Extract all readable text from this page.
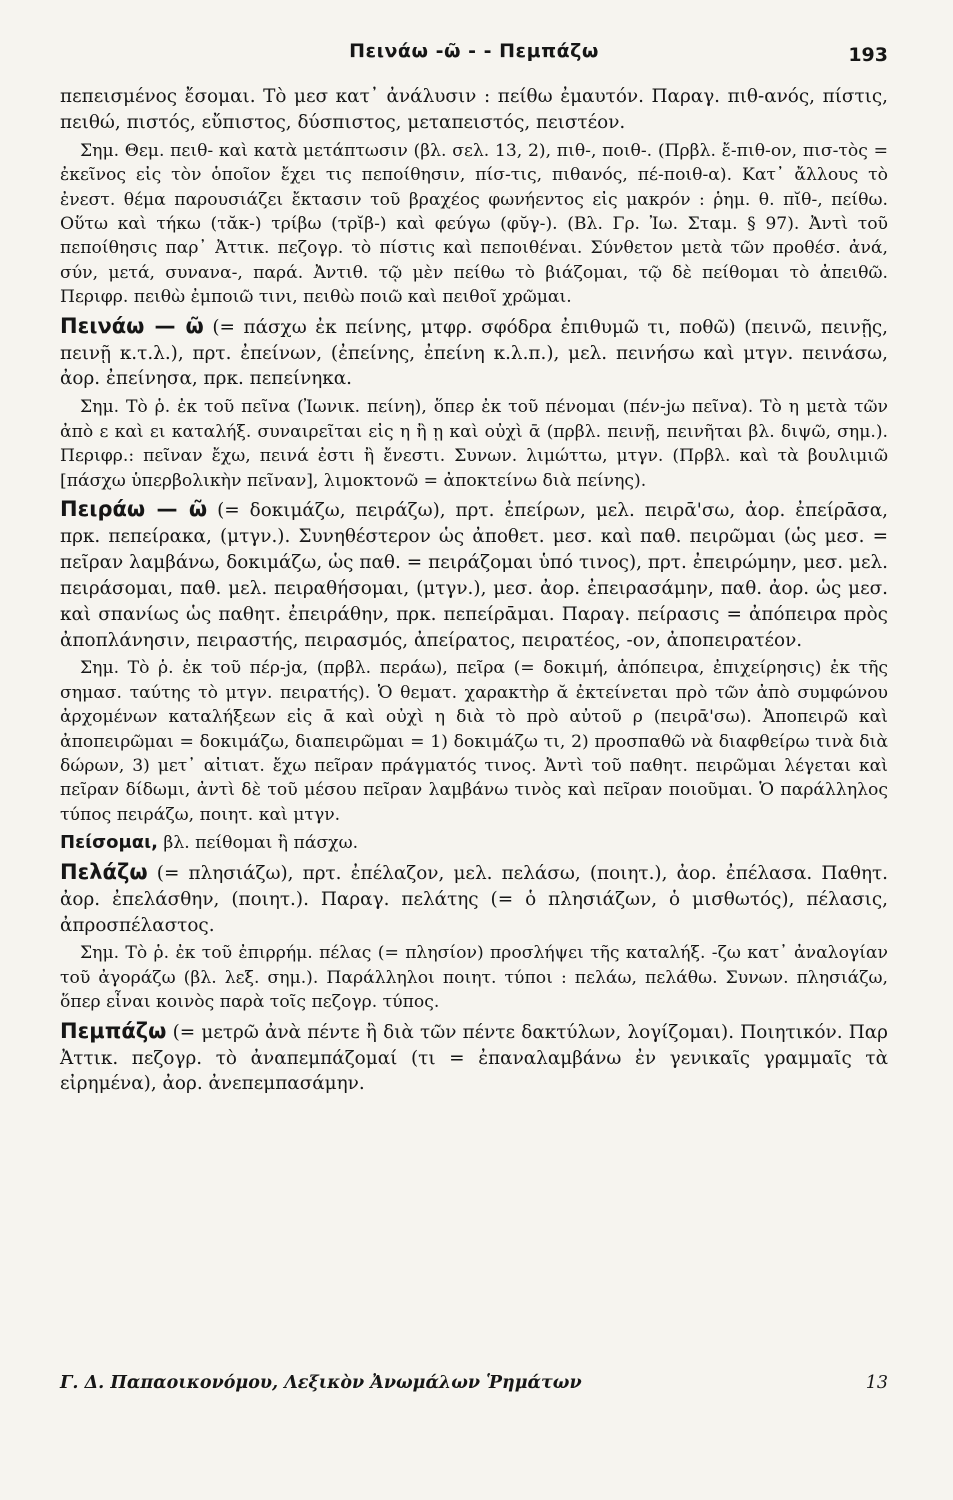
Πεινάω -ῶ - - Πεμπάζω	193

πεπεισμένος ἔσομαι. Τὸ μεσ κατ᾽ ἀνάλυσιν : πείθω ἐμαυτόν. Παραγ. πιθ-ανός, πίστις, πειθώ, πιστός, εὔπιστος, δύσπιστος, μεταπειστός, πειστέον.

Σημ. Θεμ. πειθ- καὶ κατὰ μετάπτωσιν (βλ. σελ. 13, 2), πιθ-, ποιθ-. (Πρβλ. ἔ-πιθ-ον, πισ-τὸς = ἐκεῖνος εἰς τὸν ὁποῖον ἔχει τις πεποίθησιν, πίσ-τις, πιθανός, πέ-ποιθ-α). Κατ᾽ ἄλλους τὸ ἐνεστ. θέμα παρουσιάζει ἔκτασιν τοῦ βραχέος φωνήεντος εἰς μακρόν : ῥημ. θ. πῐθ-, πείθω. Οὕτω καὶ τήκω (τᾰκ-) τρίβω (τρῐβ-) καὶ φεύγω (φῠγ-). (Βλ. Γρ. Ἰω. Σταμ. § 97). Ἀντὶ τοῦ πεποίθησις παρ᾽ Ἀττικ. πεζογρ. τὸ πίστις καὶ πεποιθέναι. Σύνθετον μετὰ τῶν προθέσ. ἀνά, σύν, μετά, συνανα-, παρά. Ἀντιθ. τῷ μὲν πείθω τὸ βιάζομαι, τῷ δὲ πείθομαι τὸ ἀπειθῶ. Περιφρ. πειθὼ ἐμποιῶ τινι, πειθὼ ποιῶ καὶ πειθοῖ χρῶμαι.

Πεινάω — ῶ (= πάσχω ἐκ πείνης, μτφρ. σφόδρα ἐπιθυμῶ τι, ποθῶ) (πεινῶ, πεινῇς, πεινῇ κ.τ.λ.), πρτ. ἐπείνων, (ἐπείνης, ἐπείνη κ.λ.π.), μελ. πεινήσω καὶ μτγν. πεινάσω, ἀορ. ἐπείνησα, πρκ. πεπείνηκα.

Σημ. Τὸ ῥ. ἐκ τοῦ πεῖνα (Ἰωνικ. πείνη), ὅπερ ἐκ τοῦ πένομαι (πέν-jω πεῖνα). Τὸ η μετὰ τῶν ἀπὸ ε καὶ ει καταλήξ. συναιρεῖται εἰς η ἢ ῃ καὶ οὐχὶ ᾱ (πρβλ. πεινῇ, πεινῆται βλ. διψῶ, σημ.). Περιφρ.: πεῖναν ἔχω, πεινά ἐστι ἢ ἔνεστι. Συνων. λιμώττω, μτγν. (Πρβλ. καὶ τὰ βουλιμιῶ [πάσχω ὑπερβολικὴν πεῖναν], λιμοκτονῶ = ἀποκτείνω διὰ πείνης).

Πειράω — ῶ (= δοκιμάζω, πειράζω), πρτ. ἐπείρων, μελ. πειρᾱ'σω, ἀορ. ἐπείρᾱσα, πρκ. πεπείρακα, (μτγν.). Συνηθέστερον ὡς ἀποθετ. μεσ. καὶ παθ. πειρῶμαι (ὡς μεσ. = πεῖραν λαμβάνω, δοκιμάζω, ὡς παθ. = πειράζομαι ὑπό τινος), πρτ. ἐπειρώμην, μεσ. μελ. πειράσομαι, παθ. μελ. πειραθήσομαι, (μτγν.), μεσ. ἀορ. ἐπειρασάμην, παθ. ἀορ. ὡς μεσ. καὶ σπανίως ὡς παθητ. ἐπειράθην, πρκ. πεπείρᾱμαι. Παραγ. πείρασις = ἀπόπειρα πρὸς ἀποπλάνησιν, πειραστής, πειρασμός, ἀπείρατος, πειρατέος, -ον, ἀποπειρατέον.

Σημ. Τὸ ῥ. ἐκ τοῦ πέρ-jα, (πρβλ. περάω), πεῖρα (= δοκιμή, ἀπόπειρα, ἐπιχείρησις) ἐκ τῆς σημασ. ταύτης τὸ μτγν. πειρατής). Ὁ θεματ. χαρακτὴρ ᾰ ἐκτείνεται πρὸ τῶν ἀπὸ συμφώνου ἀρχομένων καταλήξεων εἰς ᾱ καὶ οὐχὶ η διὰ τὸ πρὸ αὐτοῦ ρ (πειρᾱ'σω). Ἀποπειρῶ καὶ ἀποπειρῶμαι = δοκιμάζω, διαπειρῶμαι = 1) δοκιμάζω τι, 2) προσπαθῶ νὰ διαφθείρω τινὰ διὰ δώρων, 3) μετ᾽ αἰτιατ. ἔχω πεῖραν πράγματός τινος. Ἀντὶ τοῦ παθητ. πειρῶμαι λέγεται καὶ πεῖραν δίδωμι, ἀντὶ δὲ τοῦ μέσου πεῖραν λαμβάνω τινὸς καὶ πεῖραν ποιοῦμαι. Ὁ παράλληλος τύπος πειράζω, ποιητ. καὶ μτγν.

Πείσομαι, βλ. πείθομαι ἢ πάσχω.

Πελάζω (= πλησιάζω), πρτ. ἐπέλαζον, μελ. πελάσω, (ποιητ.), ἀορ. ἐπέλασα. Παθητ. ἀορ. ἐπελάσθην, (ποιητ.). Παραγ. πελάτης (= ὁ πλησιάζων, ὁ μισθωτός), πέλασις, ἀπροσπέλαστος.

Σημ. Τὸ ῥ. ἐκ τοῦ ἐπιρρήμ. πέλας (= πλησίον) προσλήψει τῆς καταλήξ. -ζω κατ᾽ ἀναλογίαν τοῦ ἀγοράζω (βλ. λεξ. σημ.). Παράλληλοι ποιητ. τύποι : πελάω, πελάθω. Συνων. πλησιάζω, ὅπερ εἶναι κοινὸς παρὰ τοῖς πεζογρ. τύπος.

Πεμπάζω (= μετρῶ ἀνὰ πέντε ἢ διὰ τῶν πέντε δακτύλων, λογίζομαι). Ποιητικόν. Παρ Ἀττικ. πεζογρ. τὸ ἀναπεμπάζομαί (τι = ἐπαναλαμβάνω ἐν γενικαῖς γραμμαῖς τὰ εἰρημένα), ἀορ. ἀνεπεμπασάμην.

Γ. Δ. Παπαοικονόμου, Λεξικὸν Ἀνωμάλων Ῥημάτων	13
